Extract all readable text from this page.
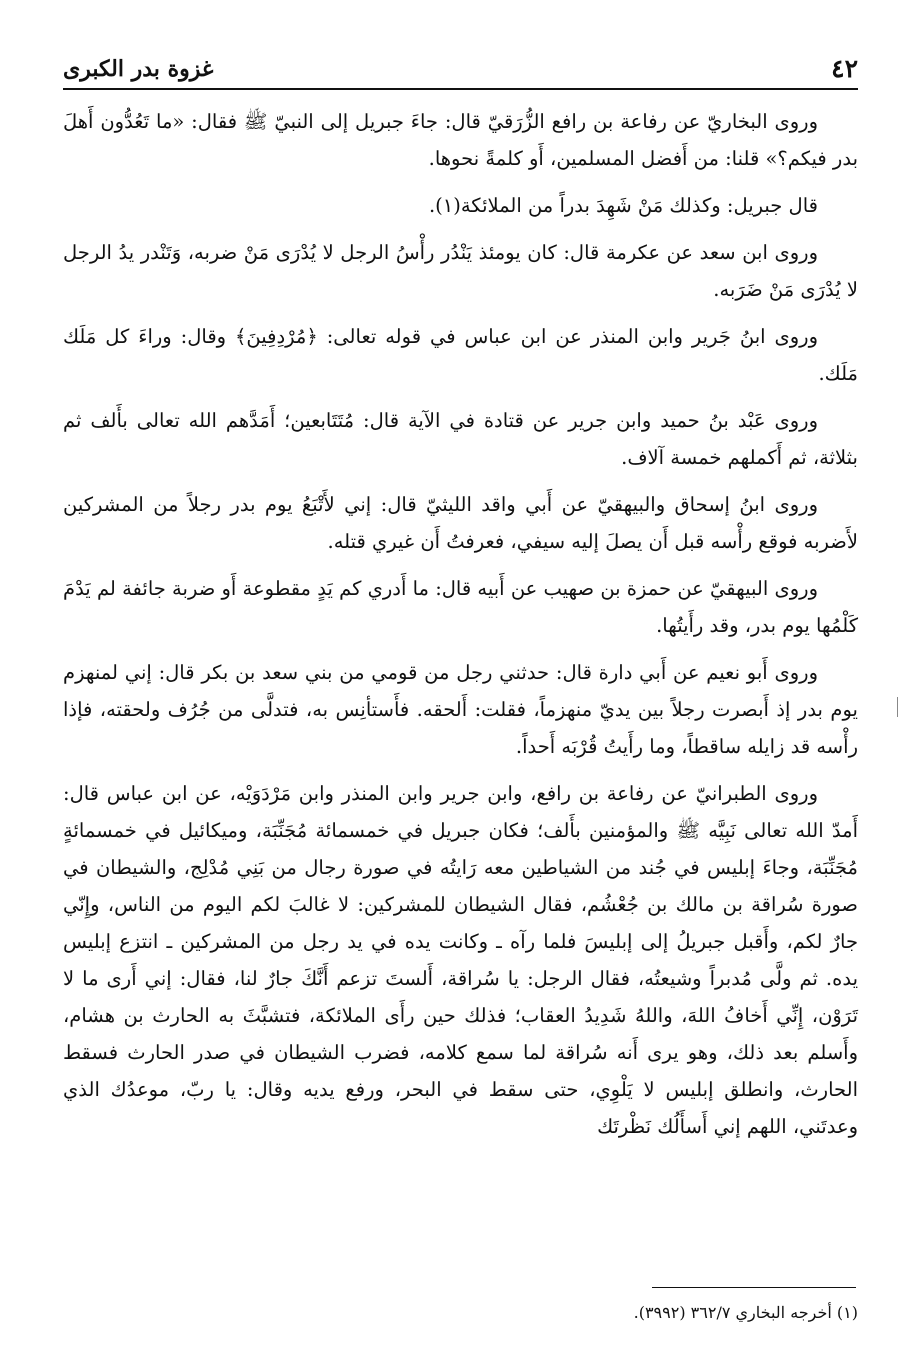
٤٢
غزوة بدر الكبرى

وروى البخاريّ عن رفاعة بن رافع الزُّرَقيّ قال: جاءَ جبريل إلى النبيّ ﷺ فقال: «ما تَعُدُّون أَهلَ بدر فيكم؟» قلنا: من أَفضل المسلمين، أَو كلمةً نحوها.

قال جبريل: وكذلك مَنْ شَهِدَ بدراً من الملائكة(١).

وروى ابن سعد عن عكرمة قال: كان يومئذ يَنْدُر رأْسُ الرجل لا يُدْرَى مَنْ ضربه، وَتَنْدر يدُ الرجل لا يُدْرَى مَنْ ضَرَبه.

وروى ابنُ جَرير وابن المنذر عن ابن عباس في قوله تعالى: ﴿مُرْدِفِينَ﴾ وقال: وراءَ كل مَلَك مَلَك.

وروى عَبْد بنُ حميد وابن جرير عن قتادة في الآية قال: مُتَتَابعين؛ أَمَدَّهم الله تعالى بأَلف ثم بثلاثة، ثم أَكملهم خمسة آلاف.

وروى ابنُ إسحاق والبيهقيّ عن أَبي واقد الليثيّ قال: إني لأَتْبَعُ يوم بدر رجلاً من المشركين لأَضربه فوقع رأْسه قبل أَن يصلَ إليه سيفي، فعرفتُ أَن غيري قتله.

وروى البيهقيّ عن حمزة بن صهيب عن أَبيه قال: ما أَدري كم يَدٍ مقطوعة أَو ضربة جائفة لم يَدْمَ كَلْمُها يوم بدر، وقد رأَيتُها.

وروى أَبو نعيم عن أَبي دارة قال: حدثني رجل من قومي من بني سعد بن بكر قال: إني لمنهزم يوم بدر إذ أَبصرت رجلاً بين يديّ منهزماً، فقلت: أَلحقه. فأَستأنِس به، فتدلَّى من جُرُف ولحقته، فإذا رأْسه قد زايله ساقطاً، وما رأَيتُ قُرْبَه أَحداً.

وروى الطبرانيّ عن رفاعة بن رافع، وابن جرير وابن المنذر وابن مَرْدَوَيْه، عن ابن عباس قال: أَمدّ الله تعالى نَبِيَّه ﷺ والمؤمنين بأَلف؛ فكان جبريل في خمسمائة مُجَنِّبَة، وميكائيل في خمسمائةٍ مُجَنِّبَة، وجاءَ إبليس في جُند من الشياطين معه رَايتُه في صورة رجال من بَنِي مُدْلِج، والشيطان في صورة سُراقة بن مالك بن جُعْشُم، فقال الشيطان للمشركين: لا غالبَ لكم اليوم من الناس، وإِنّي جارٌ لكم، وأَقبل جبريلُ إلى إبليسَ فلما رآه ـ وكانت يده في يد رجل من المشركين ـ انتزع إبليس يده. ثم ولَّى مُدبراً وشيعتُه، فقال الرجل: يا سُراقة، أَلستَ تزعم أَنَّكَ جارٌ لنا، فقال: إني أَرى ما لا تَرَوْن، إِنِّي أَخافُ اللهَ، واللهُ شَدِيدُ العقاب؛ فذلك حين رأَى الملائكة، فتشبَّثَ به الحارث بن هشام، وأَسلم بعد ذلك، وهو يرى أَنه سُراقة لما سمع كلامه، فضرب الشيطان في صدر الحارث فسقط الحارث، وانطلق إبليس لا يَلْوِي، حتى سقط في البحر، ورفع يديه وقال: يا ربّ، موعدُك الذي وعدتَني، اللهم إني أَسأَلُك نَظْرتَك

(١) أخرجه البخاري ٣٦٢/٧ (٣٩٩٢).
